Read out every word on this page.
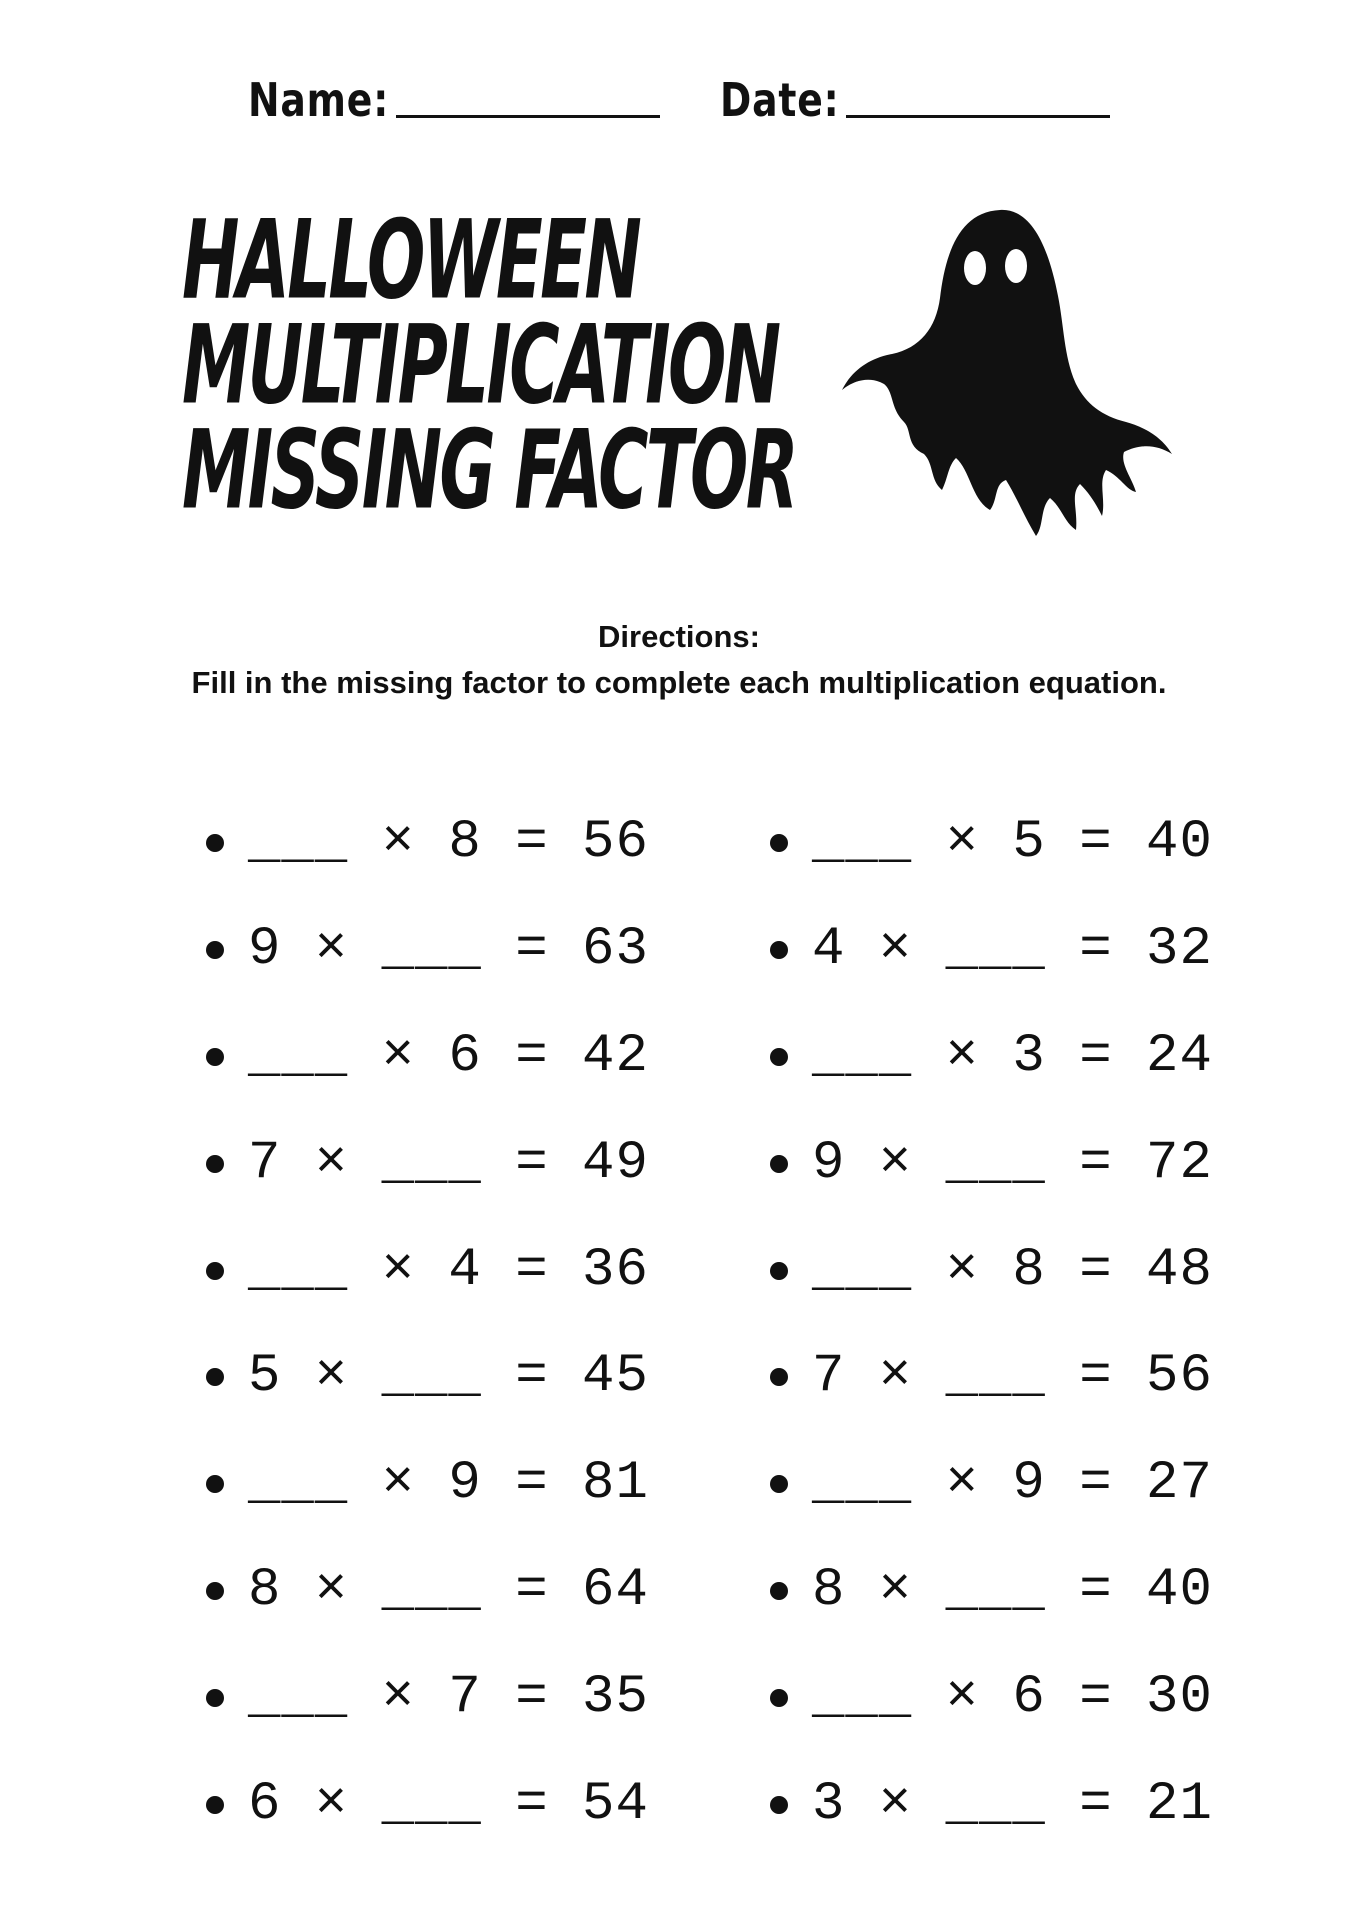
Name:	Date:
HALLOWEEN
MULTIPLICATION
MISSING FACTOR
Directions:
Fill in the missing factor to complete each multiplication equation.
___ × 8 = 56
9 × ___ = 63
___ × 6 = 42
7 × ___ = 49
___ × 4 = 36
5 × ___ = 45
___ × 9 = 81
8 × ___ = 64
___ × 7 = 35
6 × ___ = 54
___ × 5 = 40
4 × ___ = 32
___ × 3 = 24
9 × ___ = 72
___ × 8 = 48
7 × ___ = 56
___ × 9 = 27
8 × ___ = 40
___ × 6 = 30
3 × ___ = 21
